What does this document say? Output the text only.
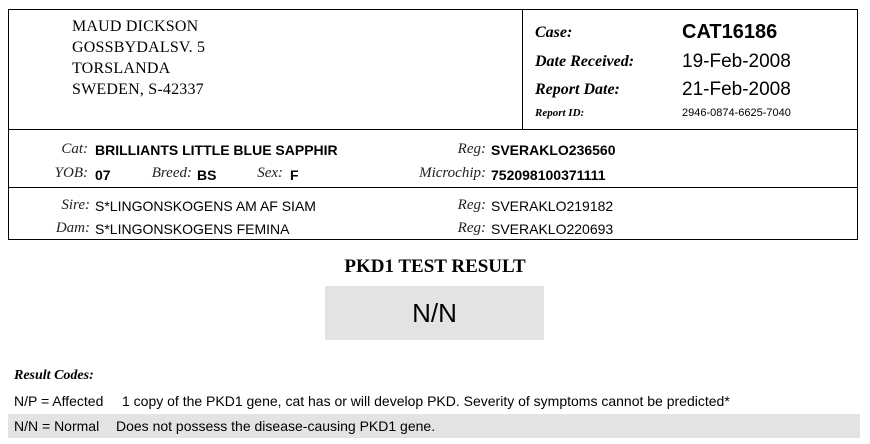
MAUD DICKSON
GOSSBYDALSV. 5
TORSLANDA
SWEDEN, S-42337
Case:	CAT16186
Date Received:	19-Feb-2008
Report Date:	21-Feb-2008
Report ID:	2946-0874-6625-7040
Cat: BRILLIANTS LITTLE BLUE SAPPHIR	Reg: SVERAKLO236560
YOB: 07	Breed: BS	Sex: F	Microchip: 752098100371111
Sire: S*LINGONSKOGENS AM AF SIAM	Reg: SVERAKLO219182
Dam: S*LINGONSKOGENS FEMINA	Reg: SVERAKLO220693
PKD1 TEST RESULT
N/N
Result Codes:
N/P = Affected 1 copy of the PKD1 gene, cat has or will develop PKD. Severity of symptoms cannot be predicted*
N/N = Normal Does not possess the disease-causing PKD1 gene.
